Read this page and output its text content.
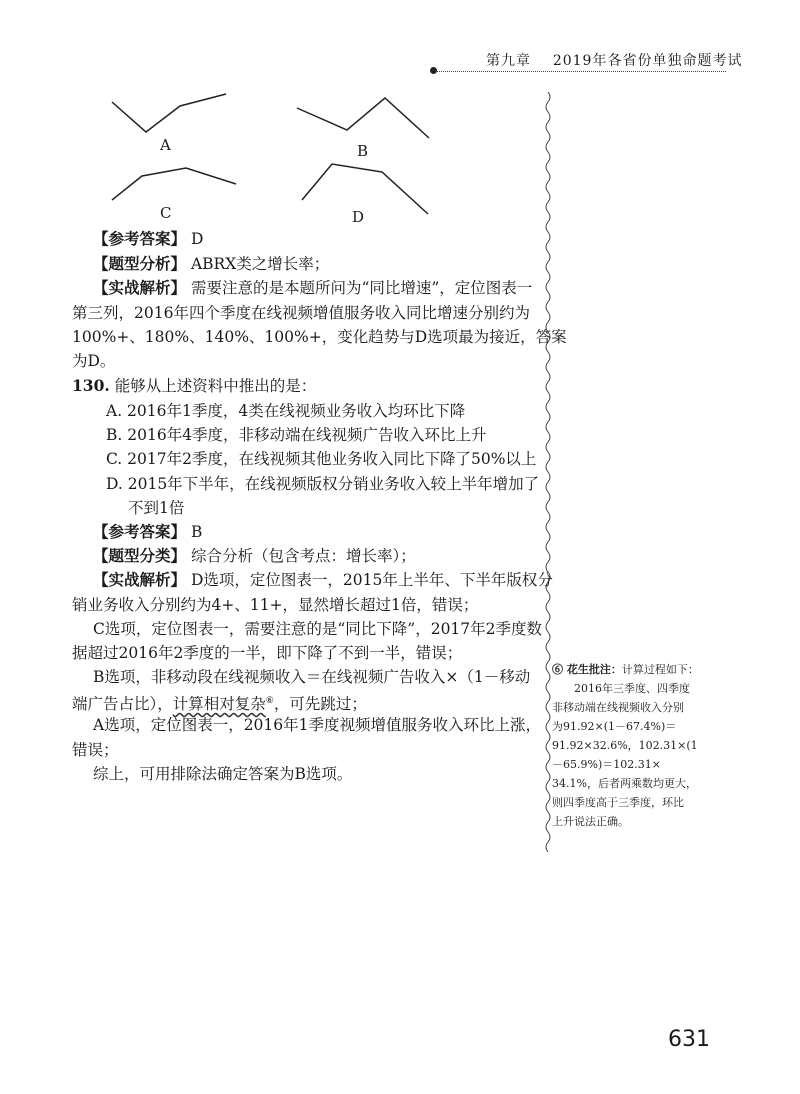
第九章 2019年各省份单独命题考试
A	B
C	D
【参考答案】 D
【题型分析】 ABRX类之增长率；
【实战解析】 需要注意的是本题所问为“同比增速”，定位图表一
第三列，2016年四个季度在线视频增值服务收入同比增速分别约为
100%+、180%、140%、100%+，变化趋势与D选项最为接近，答案
为D。
130. 能够从上述资料中推出的是：
A. 2016年1季度，4类在线视频业务收入均环比下降
B. 2016年4季度，非移动端在线视频广告收入环比上升
C. 2017年2季度，在线视频其他业务收入同比下降了50%以上
D. 2015年下半年，在线视频版权分销业务收入较上半年增加了
不到1倍
【参考答案】 B
【题型分类】 综合分析（包含考点：增长率）；
【实战解析】 D选项，定位图表一，2015年上半年、下半年版权分
销业务收入分别约为4+、11+，显然增长超过1倍，错误；
C选项，定位图表一，需要注意的是“同比下降”，2017年2季度数
据超过2016年2季度的一半，即下降了不到一半，错误；
B选项，非移动段在线视频收入＝在线视频广告收入×（1－移动
端广告占比），计算相对复杂⑥，可先跳过；
A选项，定位图表一，2016年1季度视频增值服务收入环比上涨，
错误；
综上，可用排除法确定答案为B选项。
⑥ 花生批注：计算过程如下：
2016年三季度、四季度
非移动端在线视频收入分别
为91.92×(1－67.4%)＝
91.92×32.6%，102.31×(1
－65.9%)＝102.31×
34.1%，后者两乘数均更大，
则四季度高于三季度，环比
上升说法正确。
631
